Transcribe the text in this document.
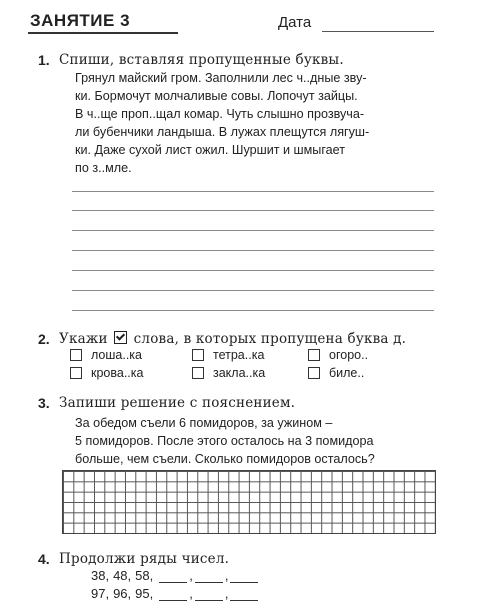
ЗАНЯТИЕ 3	Дата
1. Спиши, вставляя пропущенные буквы.
Грянул майский гром. Заполнили лес ч..дные зву-
ки. Бормочут молчаливые совы. Лопочут зайцы.
В ч..ще проп..щал комар. Чуть слышно прозвуча-
ли бубенчики ландыша. В лужах плещутся лягуш-
ки. Даже сухой лист ожил. Шуршит и шмыгает
по з..мле.
2. Укажи слова, в которых пропущена буква д.
лоша..ка	тетра..ка	огоро..
крова..ка	закла..ка	биле..
3. Запиши решение с пояснением.
За обедом съели 6 помидоров, за ужином –
5 помидоров. После этого осталось на 3 помидора
больше, чем съели. Сколько помидоров осталось?
4. Продолжи ряды чисел.
38, 48, 58,	, ,
97, 96, 95,	, ,
